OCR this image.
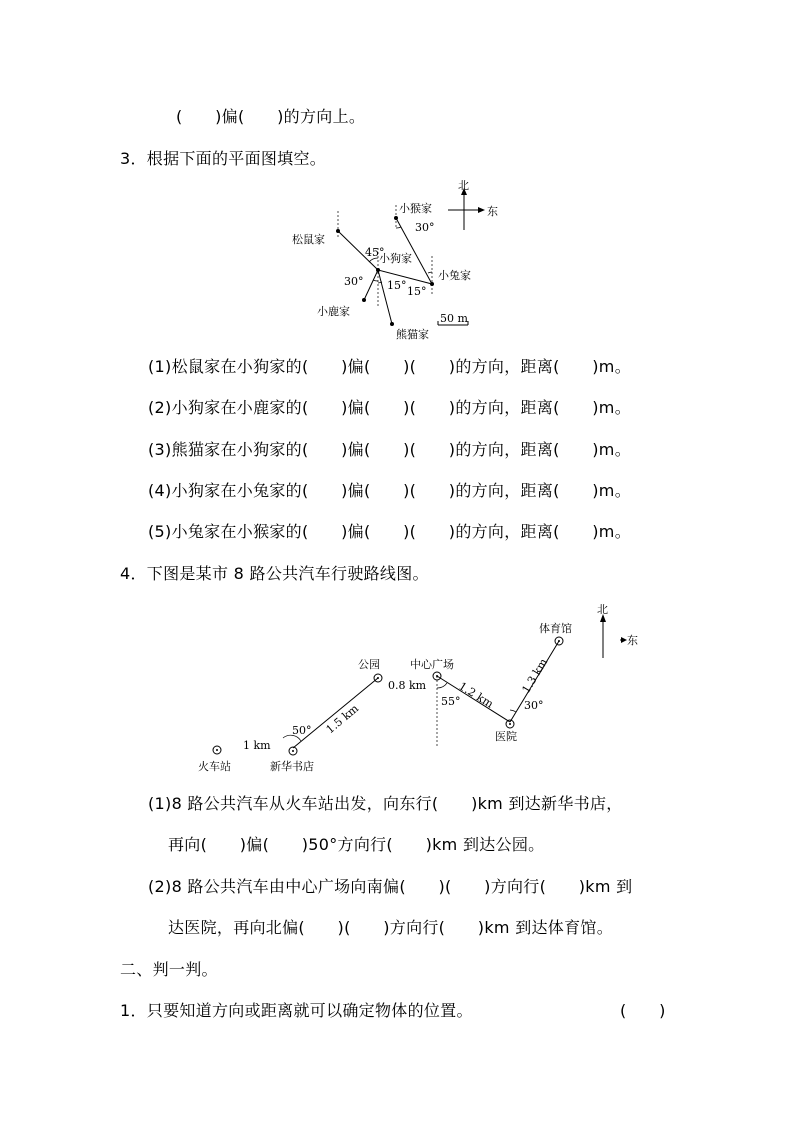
(　　)偏(　　)的方向上。
3．根据下面的平面图填空。
北
东
松鼠家
小猴家
小狗家
小兔家
小鹿家
熊猫家
45°
30°
30° 15° 15°
50 m
(1)松鼠家在小狗家的(　　)偏(　　)(　　)的方向，距离(　　)m。
(2)小狗家在小鹿家的(　　)偏(　　)(　　)的方向，距离(　　)m。
(3)熊猫家在小狗家的(　　)偏(　　)(　　)的方向，距离(　　)m。
(4)小狗家在小兔家的(　　)偏(　　)(　　)的方向，距离(　　)m。
(5)小兔家在小猴家的(　　)偏(　　)(　　)的方向，距离(　　)m。
4．下图是某市 8 路公共汽车行驶路线图。
北
东
火车站	新华书店
公园	中心广场
医院
体育馆
1 km
1.5 km
0.8 km	1.2 km 1.3 km
50°
55°	30°
(1)8 路公共汽车从火车站出发，向东行(　　)km 到达新华书店，
再向(　　)偏(　　)50°方向行(　　)km 到达公园。
(2)8 路公共汽车由中心广场向南偏(　　)(　　)方向行(　　)km 到
达医院，再向北偏(　　)(　　)方向行(　　)km 到达体育馆。
二、判一判。
1．只要知道方向或距离就可以确定物体的位置。	(　　)
